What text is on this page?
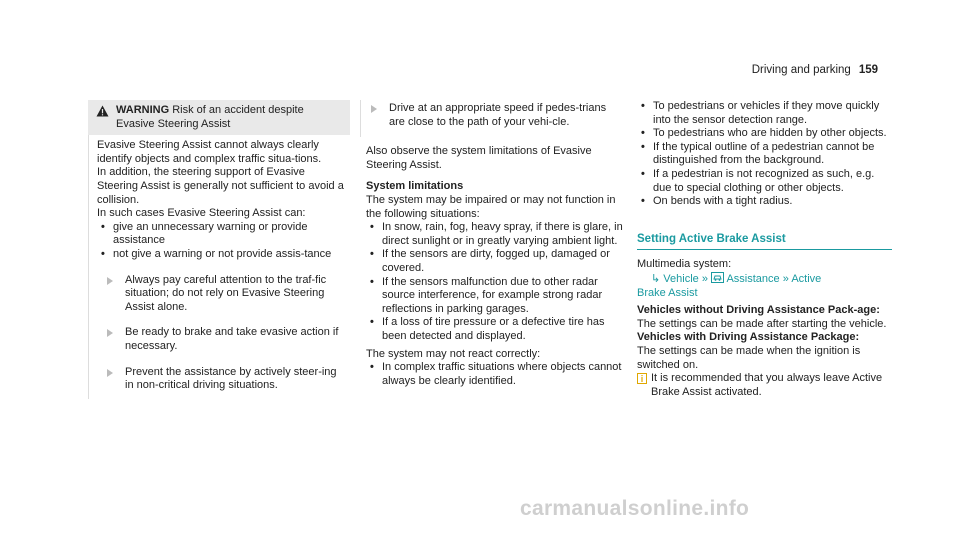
Driving and parking 159
WARNING Risk of an accident despite Evasive Steering Assist

Evasive Steering Assist cannot always clearly identify objects and complex traffic situa-tions.

In addition, the steering support of Evasive Steering Assist is generally not sufficient to avoid a collision.

In such cases Evasive Steering Assist can:

• give an unnecessary warning or provide assistance
• not give a warning or not provide assis-tance
Always pay careful attention to the traf-fic situation; do not rely on Evasive Steering Assist alone.
Be ready to brake and take evasive action if necessary.
Prevent the assistance by actively steer-ing in non-critical driving situations.
Drive at an appropriate speed if pedes-trians are close to the path of your vehi-cle.

Also observe the system limitations of Evasive Steering Assist.

System limitations

The system may be impaired or may not function in the following situations:

• In snow, rain, fog, heavy spray, if there is glare, in direct sunlight or in greatly varying ambient light.
• If the sensors are dirty, fogged up, damaged or covered.
• If the sensors malfunction due to other radar source interference, for example strong radar reflections in parking garages.
• If a loss of tire pressure or a defective tire has been detected and displayed.

The system may not react correctly:

• In complex traffic situations where objects cannot always be clearly identified.
• To pedestrians or vehicles if they move quickly into the sensor detection range.
• To pedestrians who are hidden by other objects.
• If the typical outline of a pedestrian cannot be distinguished from the background.
• If a pedestrian is not recognized as such, e.g. due to special clothing or other objects.
• On bends with a tight radius.
Setting Active Brake Assist

Multimedia system:

↳ Vehicle » Assistance » Active

Brake Assist

Vehicles without Driving Assistance Pack-age:

The settings can be made after starting the vehicle.

Vehicles with Driving Assistance Package:

The settings can be made when the ignition is switched on.

It is recommended that you always leave Active Brake Assist activated.
carmanualsonline.info
